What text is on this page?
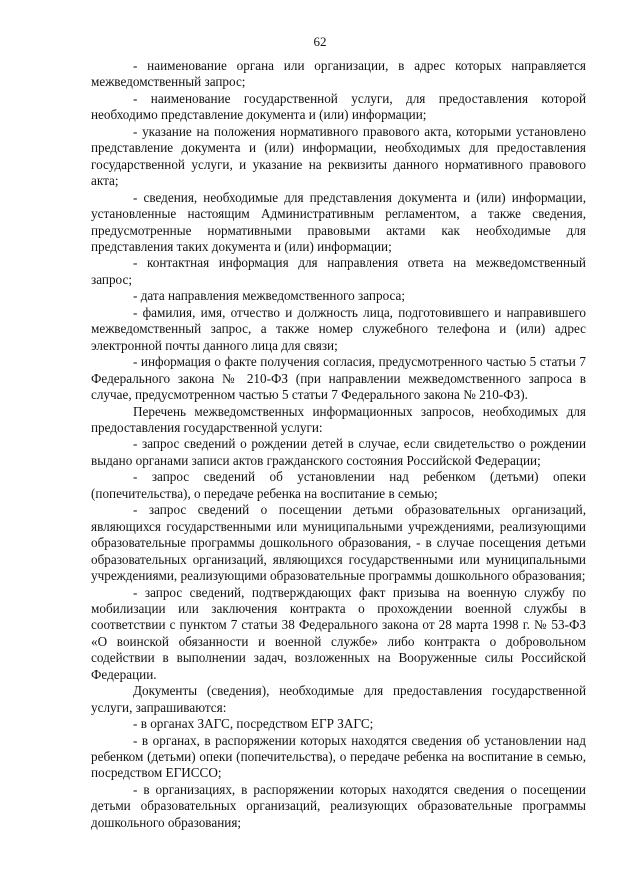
62

- наименование органа или организации, в адрес которых направляется межведомственный запрос;

- наименование государственной услуги, для предоставления которой необходимо представление документа и (или) информации;

- указание на положения нормативного правового акта, которыми установлено представление документа и (или) информации, необходимых для предоставления государственной услуги, и указание на реквизиты данного нормативного правового акта;

- сведения, необходимые для представления документа и (или) информации, установленные настоящим Административным регламентом, а также сведения, предусмотренные нормативными правовыми актами как необходимые для представления таких документа и (или) информации;

- контактная информация для направления ответа на межведомственный запрос;

- дата направления межведомственного запроса;

- фамилия, имя, отчество и должность лица, подготовившего и направившего межведомственный запрос, а также номер служебного телефона и (или) адрес электронной почты данного лица для связи;

- информация о факте получения согласия, предусмотренного частью 5 статьи 7 Федерального закона № 210-ФЗ (при направлении межведомственного запроса в случае, предусмотренном частью 5 статьи 7 Федерального закона № 210-ФЗ).

Перечень межведомственных информационных запросов, необходимых для предоставления государственной услуги:

- запрос сведений о рождении детей в случае, если свидетельство о рождении выдано органами записи актов гражданского состояния Российской Федерации;

- запрос сведений об установлении над ребенком (детьми) опеки (попечительства), о передаче ребенка на воспитание в семью;

- запрос сведений о посещении детьми образовательных организаций, являющихся государственными или муниципальными учреждениями, реализующими образовательные программы дошкольного образования, - в случае посещения детьми образовательных организаций, являющихся государственными или муниципальными учреждениями, реализующими образовательные программы дошкольного образования;

- запрос сведений, подтверждающих факт призыва на военную службу по мобилизации или заключения контракта о прохождении военной службы в соответствии с пунктом 7 статьи 38 Федерального закона от 28 марта 1998 г. № 53-ФЗ «О воинской обязанности и военной службе» либо контракта о добровольном содействии в выполнении задач, возложенных на Вооруженные силы Российской Федерации.

Документы (сведения), необходимые для предоставления государственной услуги, запрашиваются:

- в органах ЗАГС, посредством ЕГР ЗАГС;

- в органах, в распоряжении которых находятся сведения об установлении над ребенком (детьми) опеки (попечительства), о передаче ребенка на воспитание в семью, посредством ЕГИССО;

- в организациях, в распоряжении которых находятся сведения о посещении детьми образовательных организаций, реализующих образовательные программы дошкольного образования;
